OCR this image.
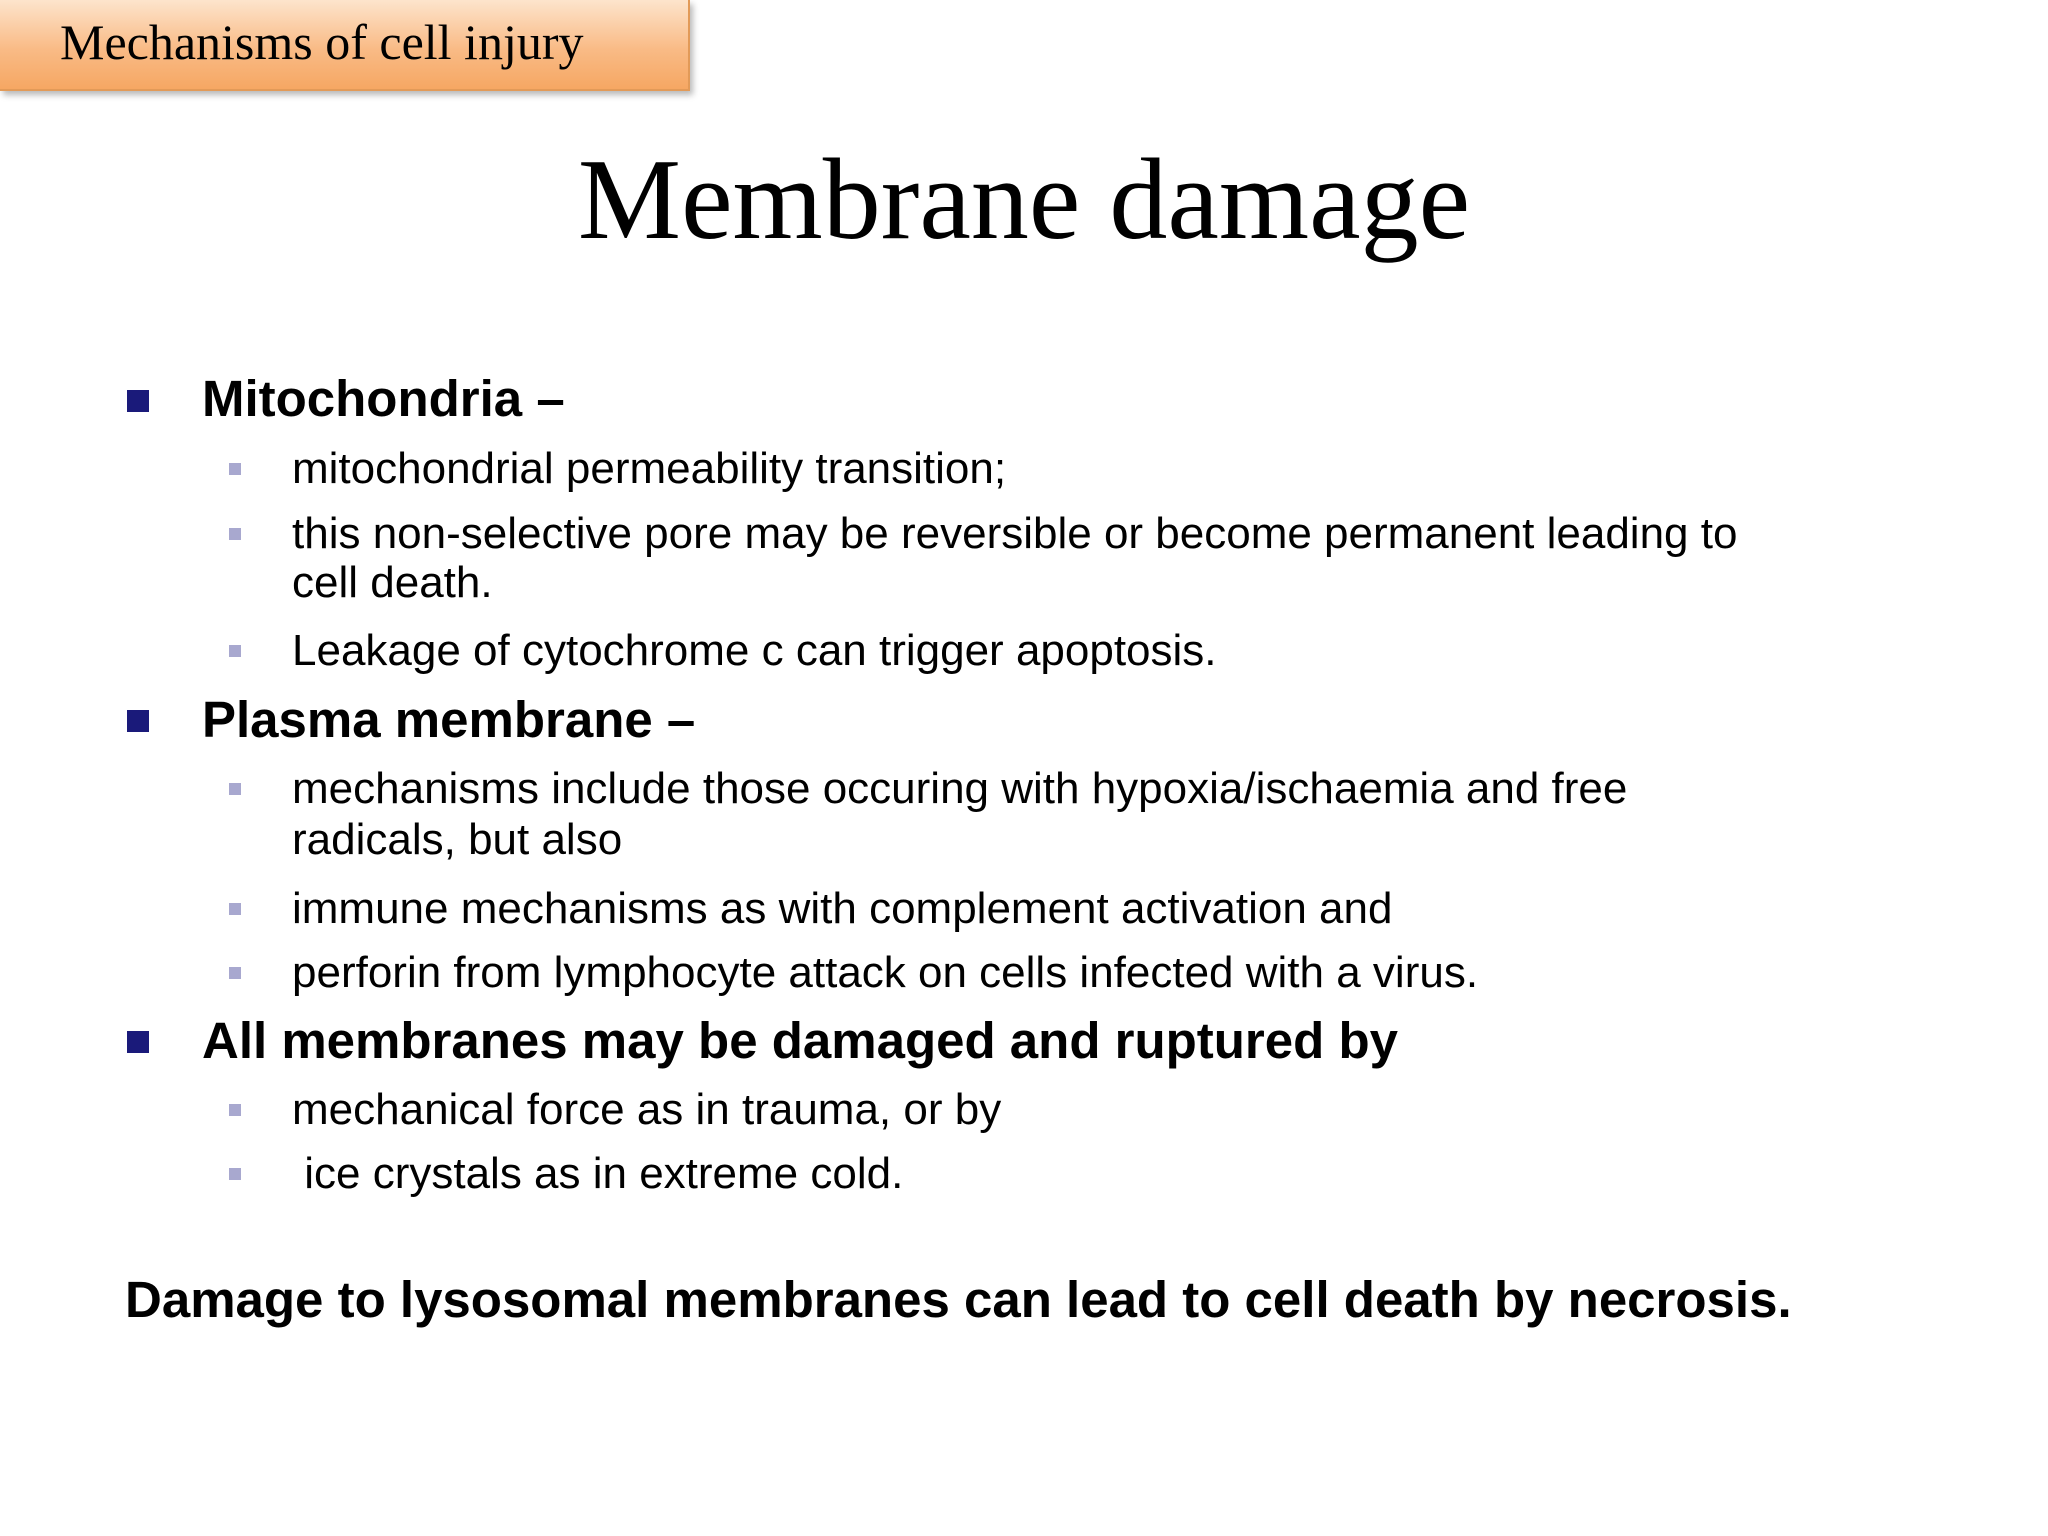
Mechanisms of cell injury
Membrane damage
Mitochondria –
mitochondrial permeability transition;
this non-selective pore may be reversible or become permanent leading to
cell death.
Leakage of cytochrome c can trigger apoptosis.
Plasma membrane –
mechanisms include those occuring with hypoxia/ischaemia and free
radicals, but also
immune mechanisms as with complement activation and
perforin from lymphocyte attack on cells infected with a virus.
All membranes may be damaged and ruptured by
mechanical force as in trauma, or by
ice crystals as in extreme cold.
Damage to lysosomal membranes can lead to cell death by necrosis.
